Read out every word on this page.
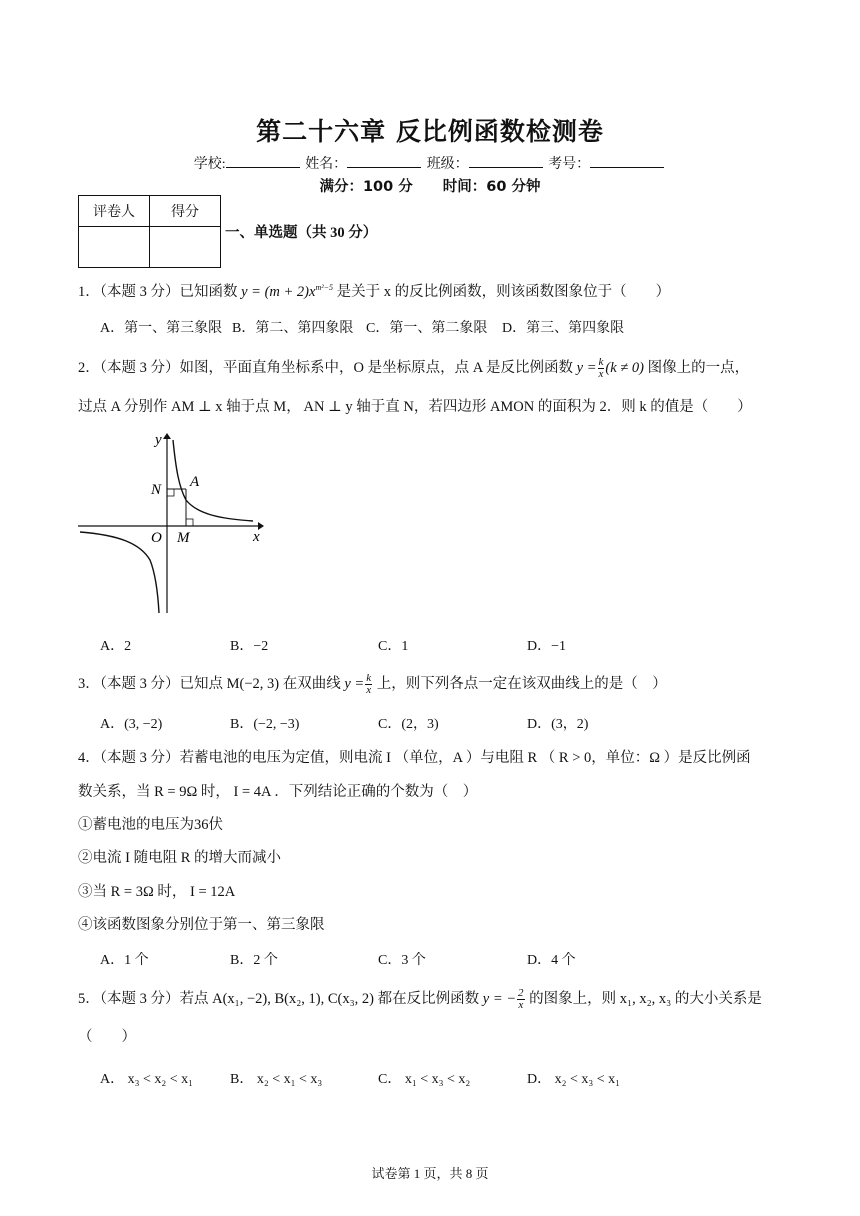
第二十六章 反比例函数检测卷
学校:	姓名：	班级：	考号：
满分：100 分 时间：60 分钟
评卷人	得分

一、单选题（共 30 分）
1．（本题 3 分）已知函数 $y = (m + 2)x^{m^2-5}$ 是关于 x 的反比例函数，则该函数图象位于（　　）
A．第一、第三象限 B．第二、第四象限 C．第一、第二象限 D．第三、第四象限
2．（本题 3 分）如图，平面直角坐标系中，O 是坐标原点，点 A 是反比例函数 $y = \frac{k}{x} (k \ne 0)$ 图像上的一点，
过点 A 分别作 AM ⊥ x 轴于点 M， AN ⊥ y 轴于直 N，若四边形 AMON 的面积为 2．则 k 的值是（　　）
y
x
N A
O M
A．2	B．−2	C．1	D．−1
3．（本题 3 分）已知点 M(−2, 3) 在双曲线 $y = \frac{k}{x}$ 上，则下列各点一定在该双曲线上的是（　）
A．(3, −2)	B．(−2, −3)	C．(2，3)	D．(3，2)
4．（本题 3 分）若蓄电池的电压为定值，则电流 I （单位，A ）与电阻 R （ R > 0，单位：Ω ）是反比例函
数关系，当 R = 9Ω 时， I = 4A ．下列结论正确的个数为（　）
①蓄电池的电压为36伏
②电流 I 随电阻 R 的增大而减小
③当 R = 3Ω 时， I = 12A
④该函数图象分别位于第一、第三象限
A．1 个	B．2 个	C．3 个	D．4 个
5．（本题 3 分）若点 A(x₁, −2), B(x₂, 1), C(x₃, 2) 都在反比例函数 y = − $\frac{2}{x}$ 的图象上，则 x₁, x₂, x₃ 的大小关系是
（　　）
A． x₃ < x₂ < x₁	B． x₂ < x₁ < x₃	C． x₁ < x₃ < x₂	D． x₂ < x₃ < x₁
试卷第 1 页，共 8 页
